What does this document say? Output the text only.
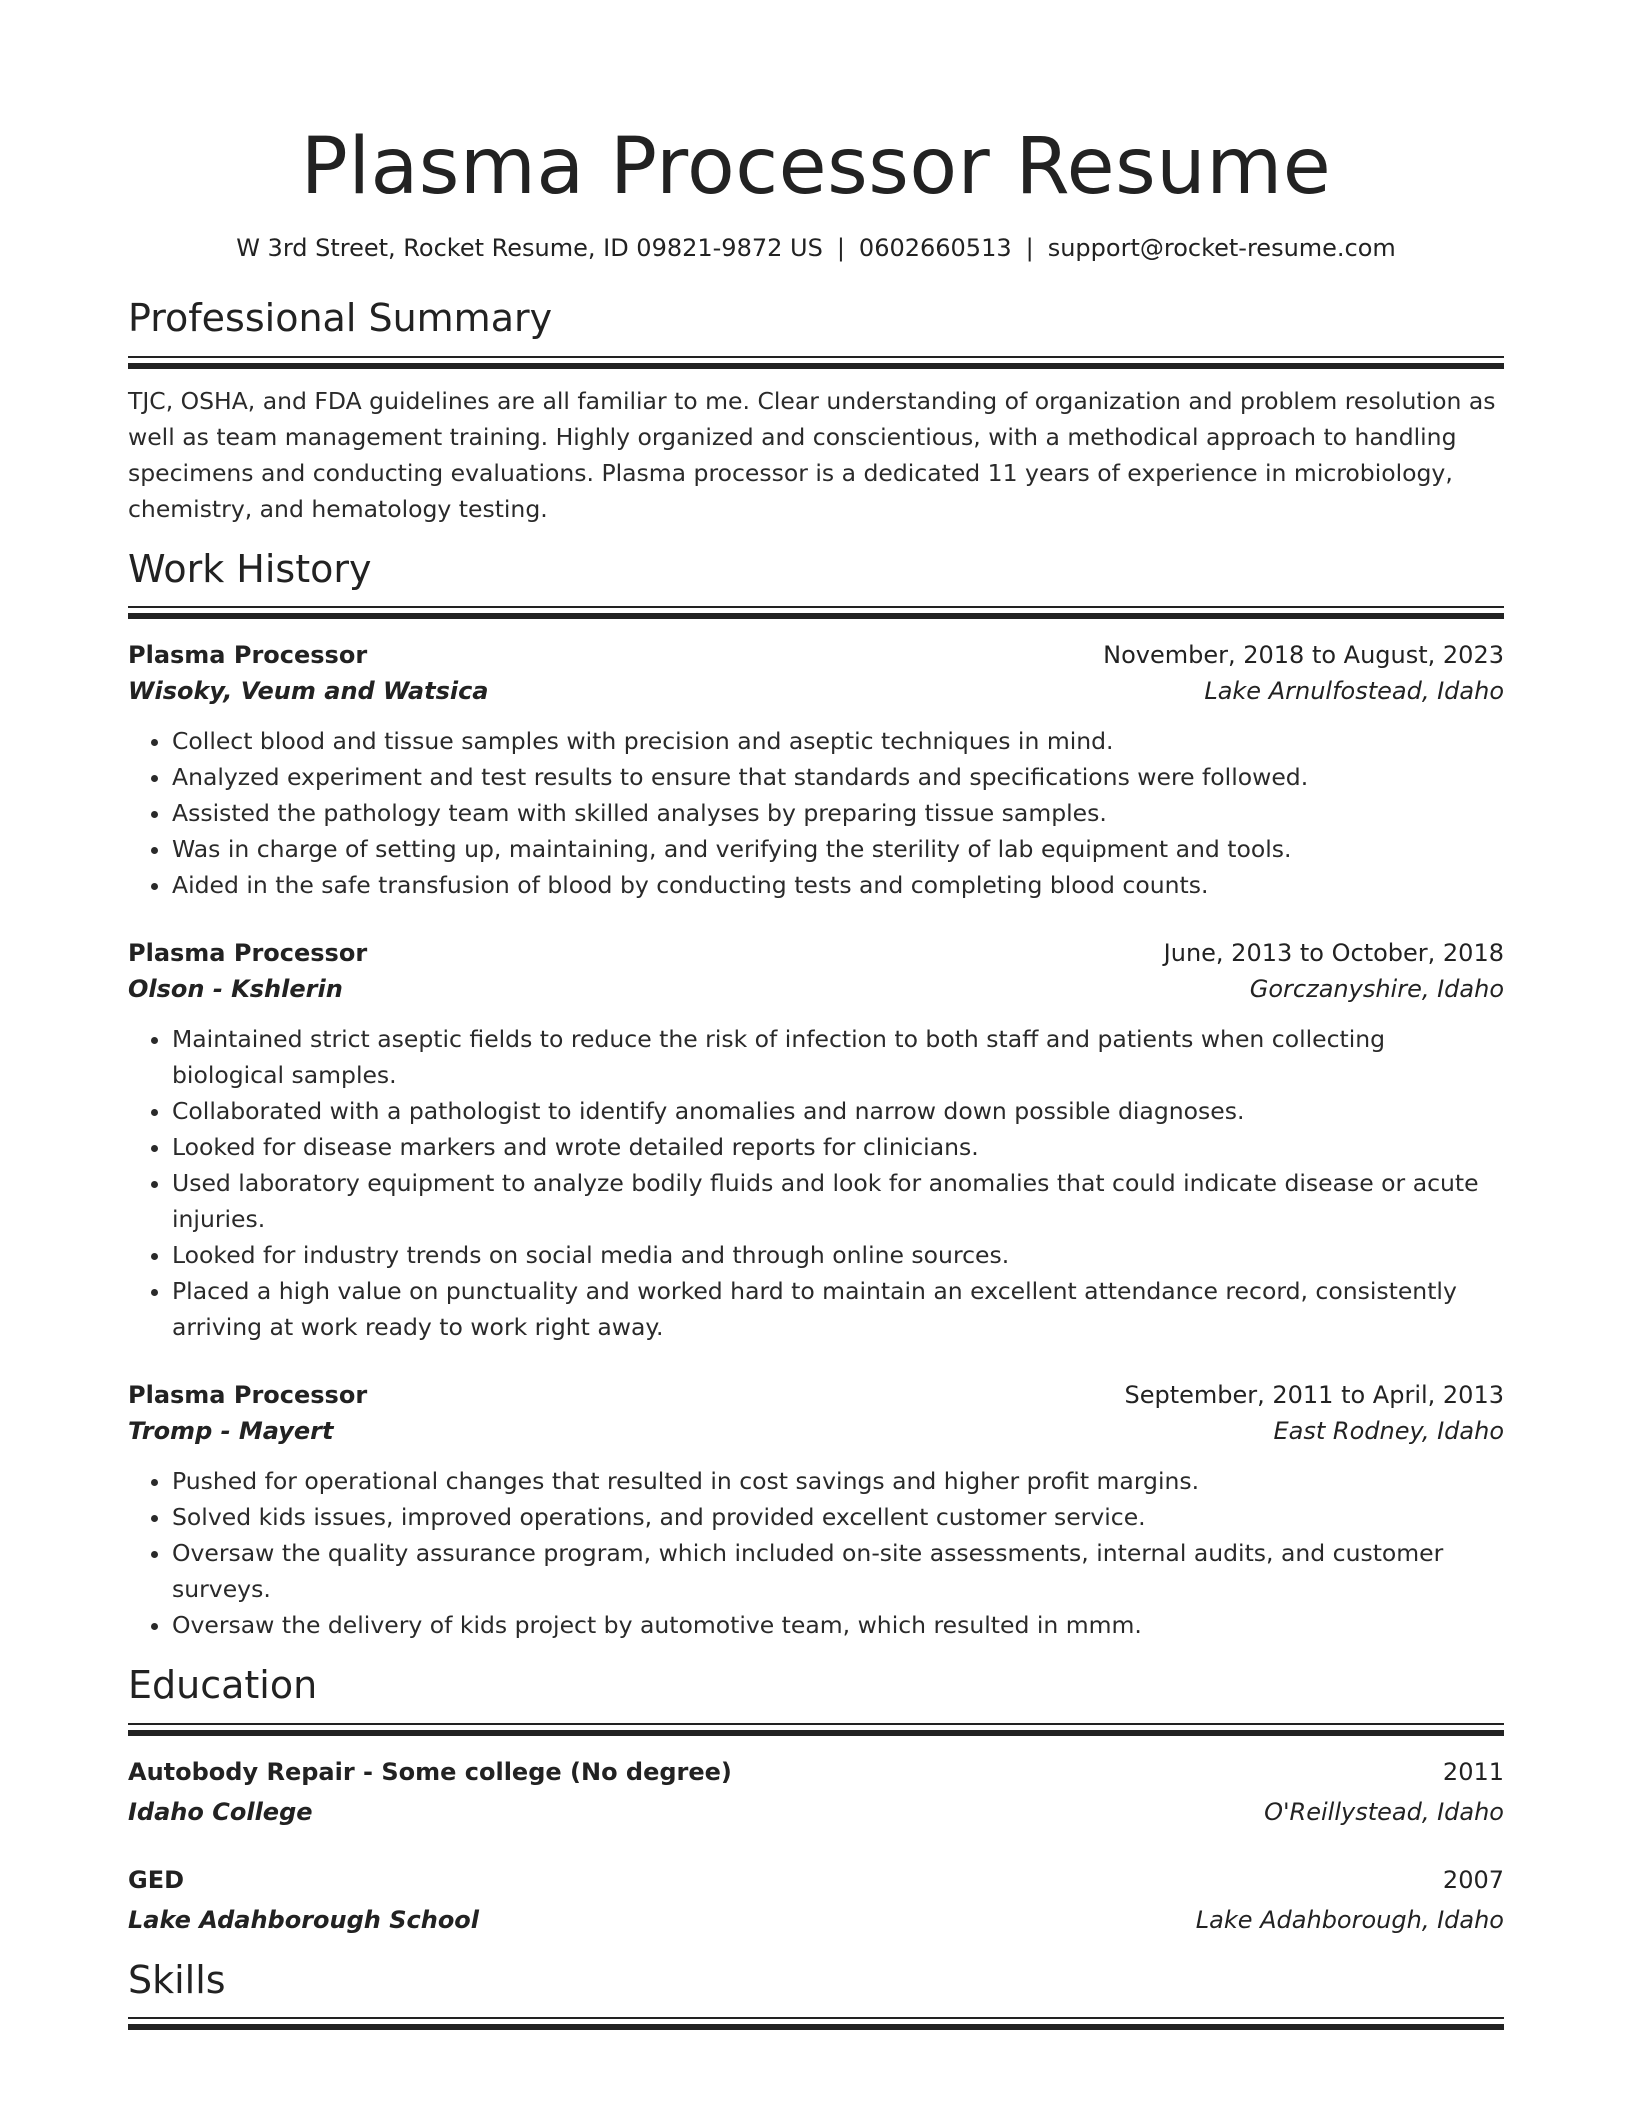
Plasma Processor Resume
W 3rd Street, Rocket Resume, ID 09821-9872 US | 0602660513 | support@rocket-resume.com
Professional Summary

TJC, OSHA, and FDA guidelines are all familiar to me. Clear understanding of organization and problem resolution as well as team management training. Highly organized and conscientious, with a methodical approach to handling specimens and conducting evaluations. Plasma processor is a dedicated 11 years of experience in microbiology, chemistry, and hematology testing.

Work History
Plasma Processor	November, 2018 to August, 2023
Wisoky, Veum and Watsica	Lake Arnulfostead, Idaho
• Collect blood and tissue samples with precision and aseptic techniques in mind.
• Analyzed experiment and test results to ensure that standards and specifications were followed.
• Assisted the pathology team with skilled analyses by preparing tissue samples.
• Was in charge of setting up, maintaining, and verifying the sterility of lab equipment and tools.
• Aided in the safe transfusion of blood by conducting tests and completing blood counts.
Plasma Processor	June, 2013 to October, 2018
Olson - Kshlerin	Gorczanyshire, Idaho
• Maintained strict aseptic fields to reduce the risk of infection to both staff and patients when collecting biological samples.
• Collaborated with a pathologist to identify anomalies and narrow down possible diagnoses.
• Looked for disease markers and wrote detailed reports for clinicians.
• Used laboratory equipment to analyze bodily fluids and look for anomalies that could indicate disease or acute injuries.
• Looked for industry trends on social media and through online sources.
• Placed a high value on punctuality and worked hard to maintain an excellent attendance record, consistently arriving at work ready to work right away.
Plasma Processor	September, 2011 to April, 2013
Tromp - Mayert	East Rodney, Idaho
• Pushed for operational changes that resulted in cost savings and higher profit margins.
• Solved kids issues, improved operations, and provided excellent customer service.
• Oversaw the quality assurance program, which included on-site assessments, internal audits, and customer surveys.
• Oversaw the delivery of kids project by automotive team, which resulted in mmm.
Education
Autobody Repair - Some college (No degree)	2011
Idaho College	O'Reillystead, Idaho
GED	2007
Lake Adahborough School	Lake Adahborough, Idaho
Skills
